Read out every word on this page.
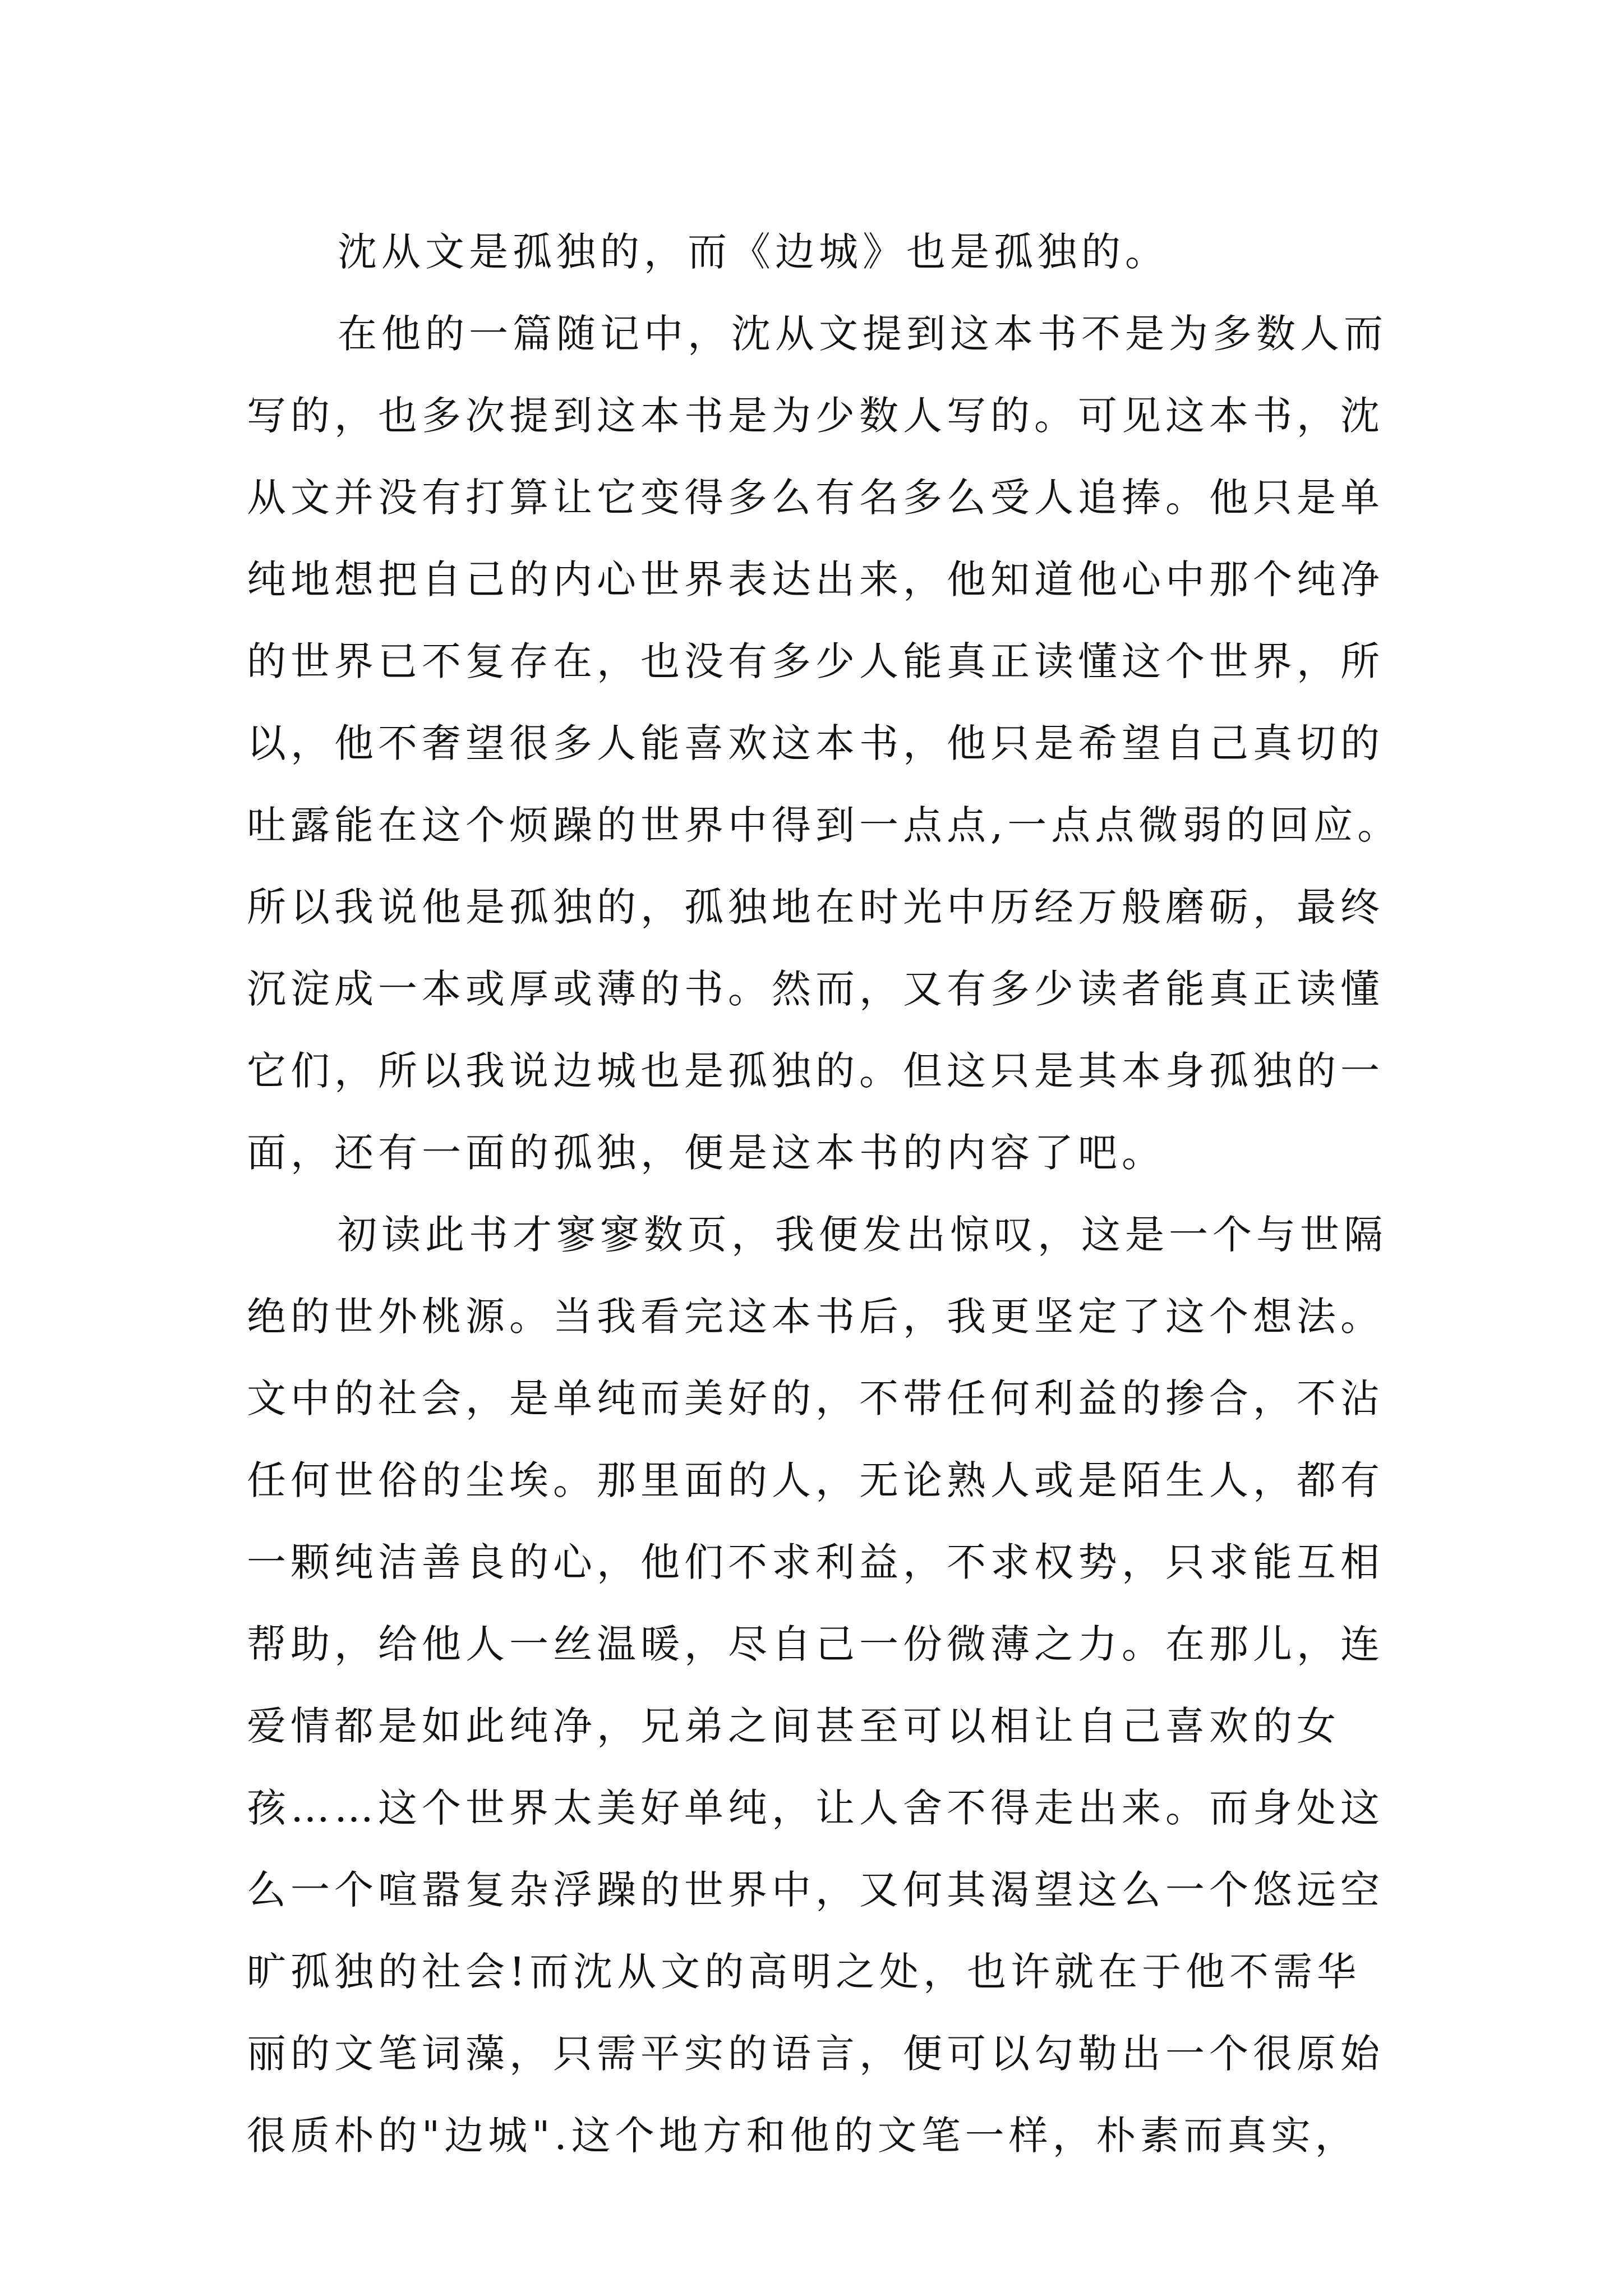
沈从文是孤独的，而《边城》也是孤独的。
在他的一篇随记中，沈从文提到这本书不是为多数人而
写的，也多次提到这本书是为少数人写的。可见这本书，沈
从文并没有打算让它变得多么有名多么受人追捧。他只是单
纯地想把自己的内心世界表达出来，他知道他心中那个纯净
的世界已不复存在，也没有多少人能真正读懂这个世界，所
以，他不奢望很多人能喜欢这本书，他只是希望自己真切的
吐露能在这个烦躁的世界中得到一点点,一点点微弱的回应。
所以我说他是孤独的，孤独地在时光中历经万般磨砺，最终
沉淀成一本或厚或薄的书。然而，又有多少读者能真正读懂
它们，所以我说边城也是孤独的。但这只是其本身孤独的一
面，还有一面的孤独，便是这本书的内容了吧。
初读此书才寥寥数页，我便发出惊叹，这是一个与世隔
绝的世外桃源。当我看完这本书后，我更坚定了这个想法。
文中的社会，是单纯而美好的，不带任何利益的掺合，不沾
任何世俗的尘埃。那里面的人，无论熟人或是陌生人，都有
一颗纯洁善良的心，他们不求利益，不求权势，只求能互相
帮助，给他人一丝温暖，尽自己一份微薄之力。在那儿，连
爱情都是如此纯净，兄弟之间甚至可以相让自己喜欢的女
孩……这个世界太美好单纯，让人舍不得走出来。而身处这
么一个喧嚣复杂浮躁的世界中，又何其渴望这么一个悠远空
旷孤独的社会!而沈从文的高明之处，也许就在于他不需华
丽的文笔词藻，只需平实的语言，便可以勾勒出一个很原始
很质朴的"边城".这个地方和他的文笔一样，朴素而真实，
